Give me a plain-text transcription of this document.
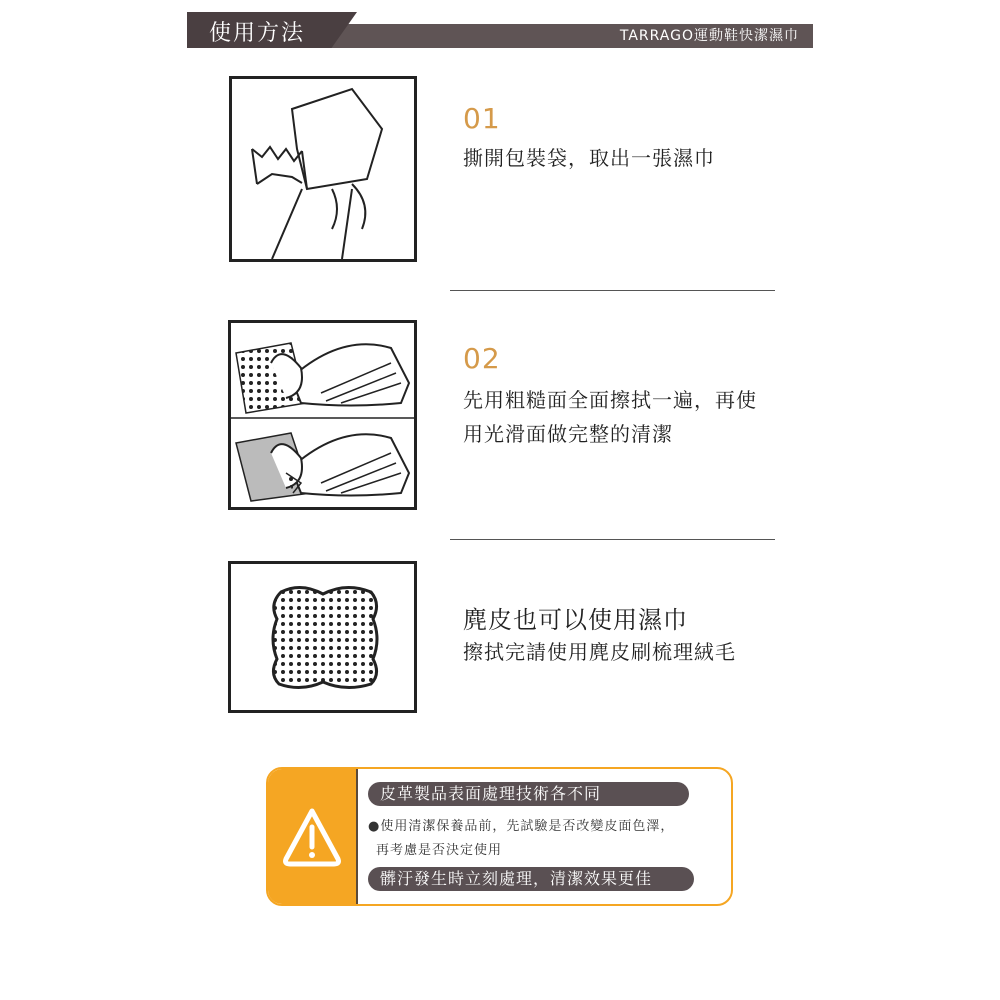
使用方法	TARRAGO運動鞋快潔濕巾
01
撕開包裝袋，取出一張濕巾
02
先用粗糙面全面擦拭一遍，再使
用光滑面做完整的清潔
麂皮也可以使用濕巾
擦拭完請使用麂皮刷梳理絨毛
皮革製品表面處理技術各不同
●使用清潔保養品前，先試驗是否改變皮面色澤，
再考慮是否決定使用
髒汙發生時立刻處理，清潔效果更佳
